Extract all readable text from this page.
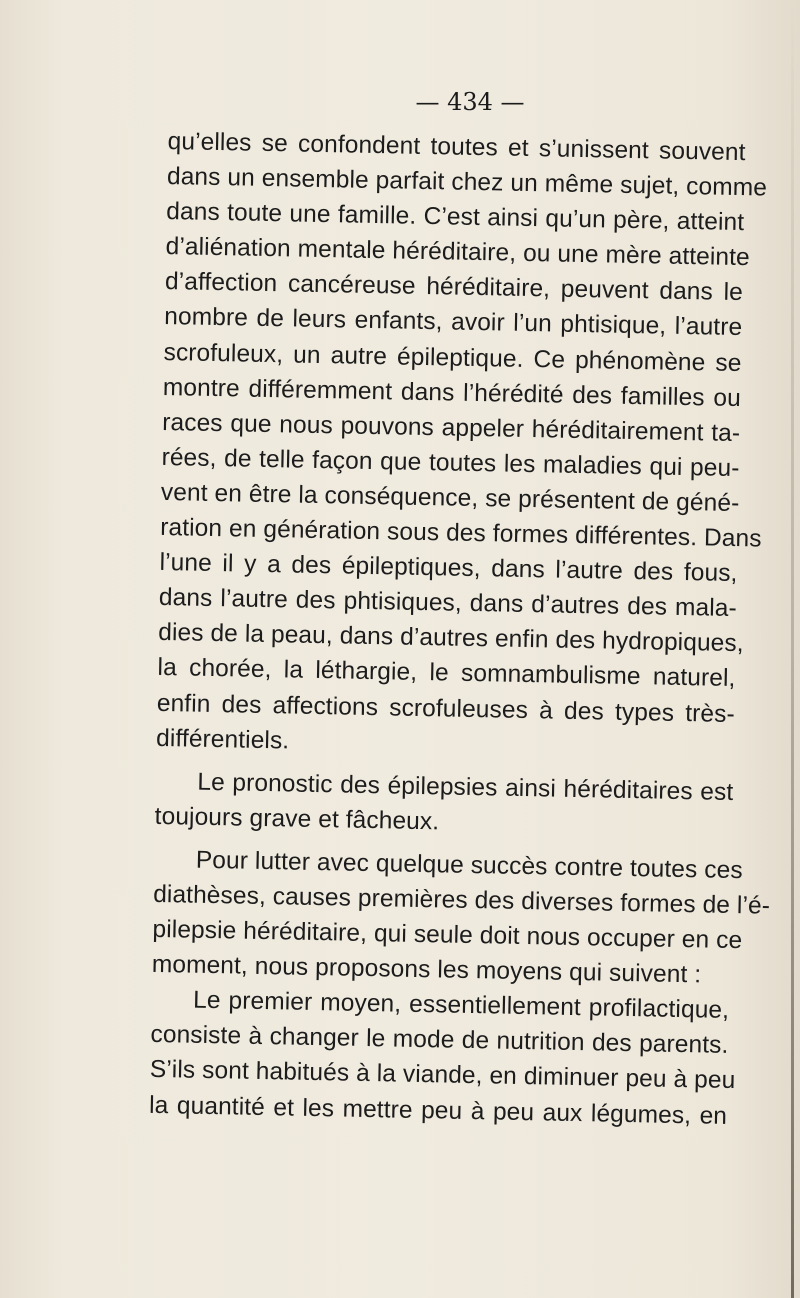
— 434 —
qu’elles se confondent toutes et s’unissent souvent
dans un ensemble parfait chez un même sujet, comme
dans toute une famille. C’est ainsi qu’un père, atteint
d’aliénation mentale héréditaire, ou une mère atteinte
d’affection cancéreuse héréditaire, peuvent dans le
nombre de leurs enfants, avoir l’un phtisique, l’autre
scrofuleux, un autre épileptique. Ce phénomène se
montre différemment dans l’hérédité des familles ou
races que nous pouvons appeler héréditairement ta-
rées, de telle façon que toutes les maladies qui peu-
vent en être la conséquence, se présentent de géné-
ration en génération sous des formes différentes. Dans
l’une il y a des épileptiques, dans l’autre des fous,
dans l’autre des phtisiques, dans d’autres des mala-
dies de la peau, dans d’autres enfin des hydropiques,
la chorée, la léthargie, le somnambulisme naturel,
enfin des affections scrofuleuses à des types très-
différentiels.
Le pronostic des épilepsies ainsi héréditaires est
toujours grave et fâcheux.
Pour lutter avec quelque succès contre toutes ces
diathèses, causes premières des diverses formes de l’é-
pilepsie héréditaire, qui seule doit nous occuper en ce
moment, nous proposons les moyens qui suivent :
Le premier moyen, essentiellement profilactique,
consiste à changer le mode de nutrition des parents.
S’ils sont habitués à la viande, en diminuer peu à peu
la quantité et les mettre peu à peu aux légumes, en
